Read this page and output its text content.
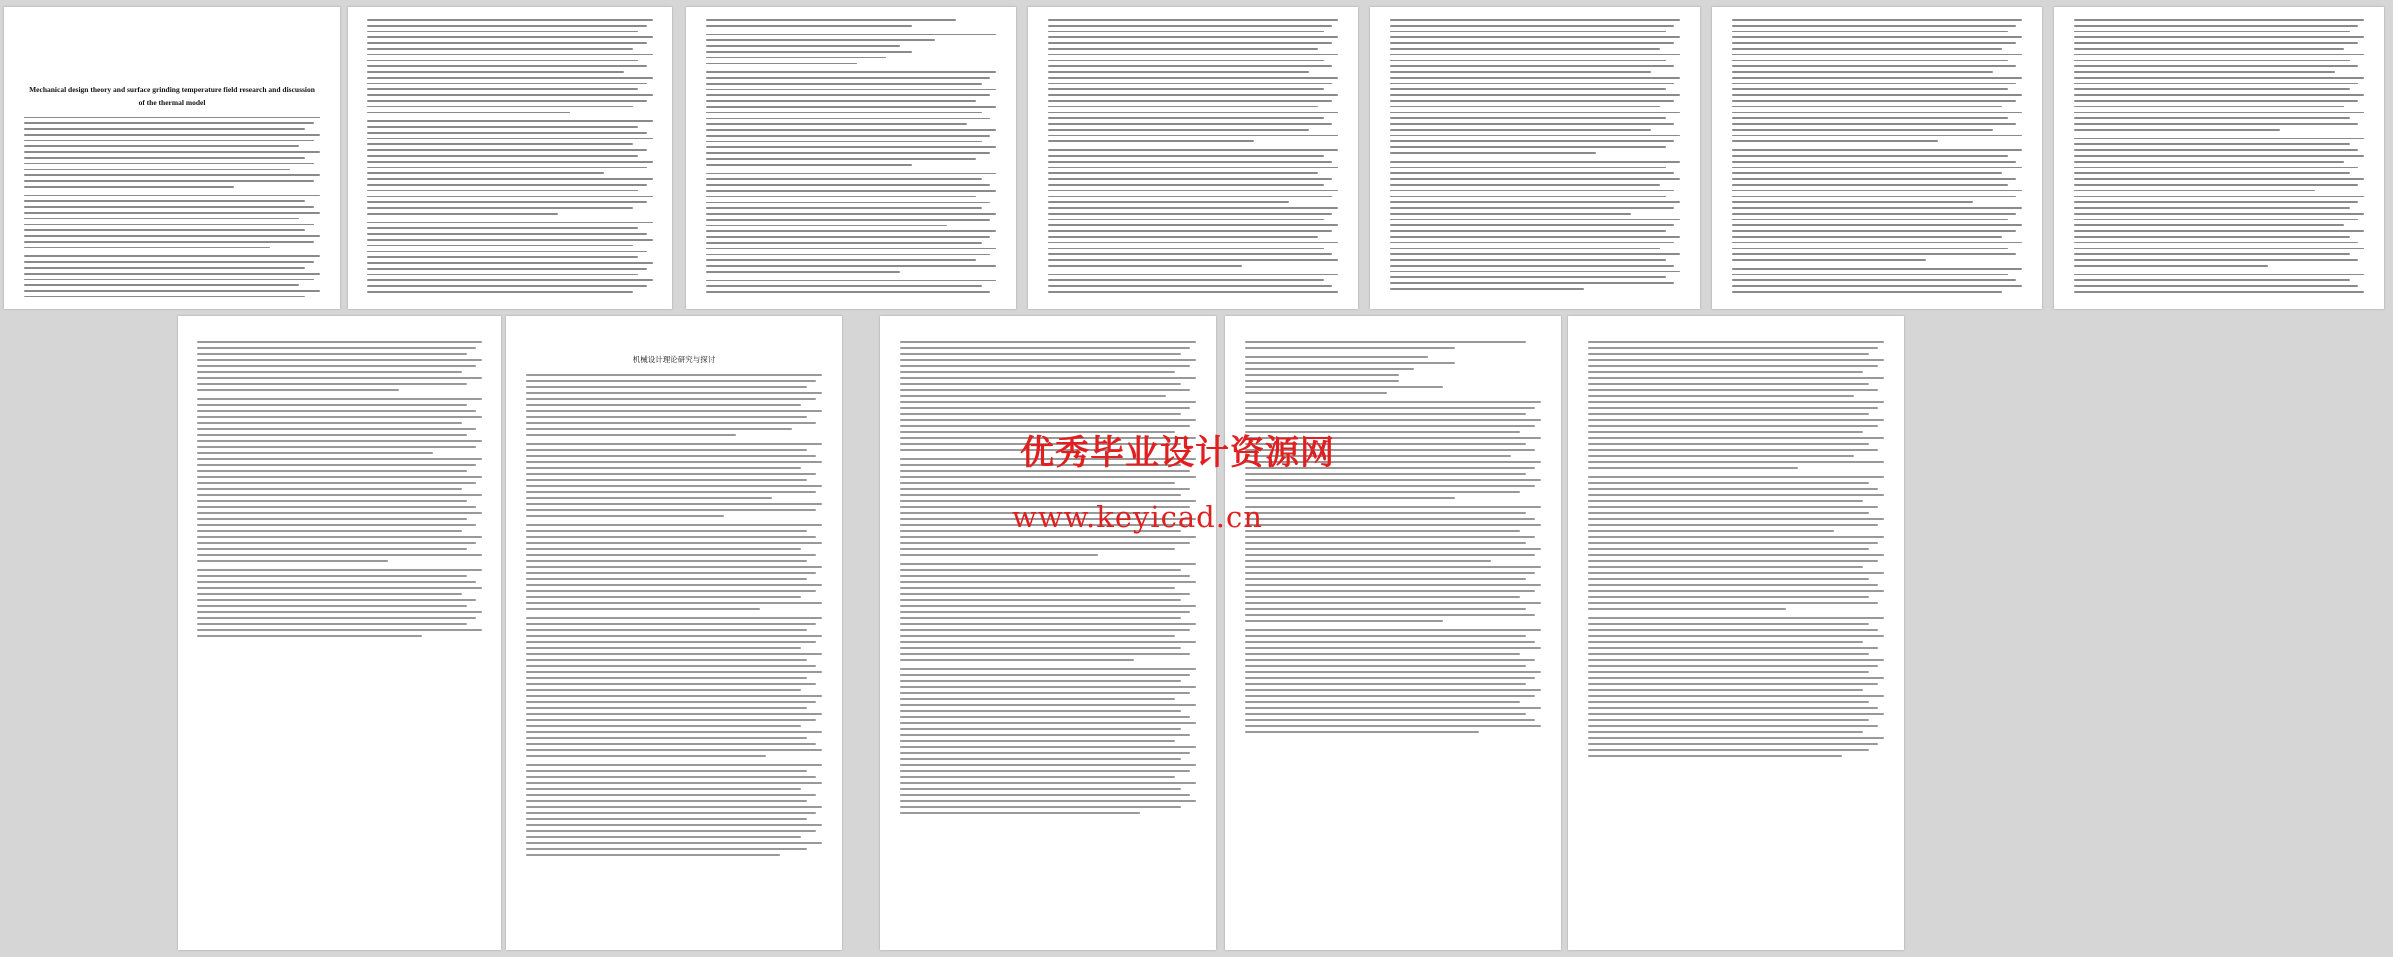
Mechanical design theory and surface grinding temperature field research and discussion of the thermal model
机械设计理论研究与探讨
优秀毕业设计资源网
www.keyicad.cn
